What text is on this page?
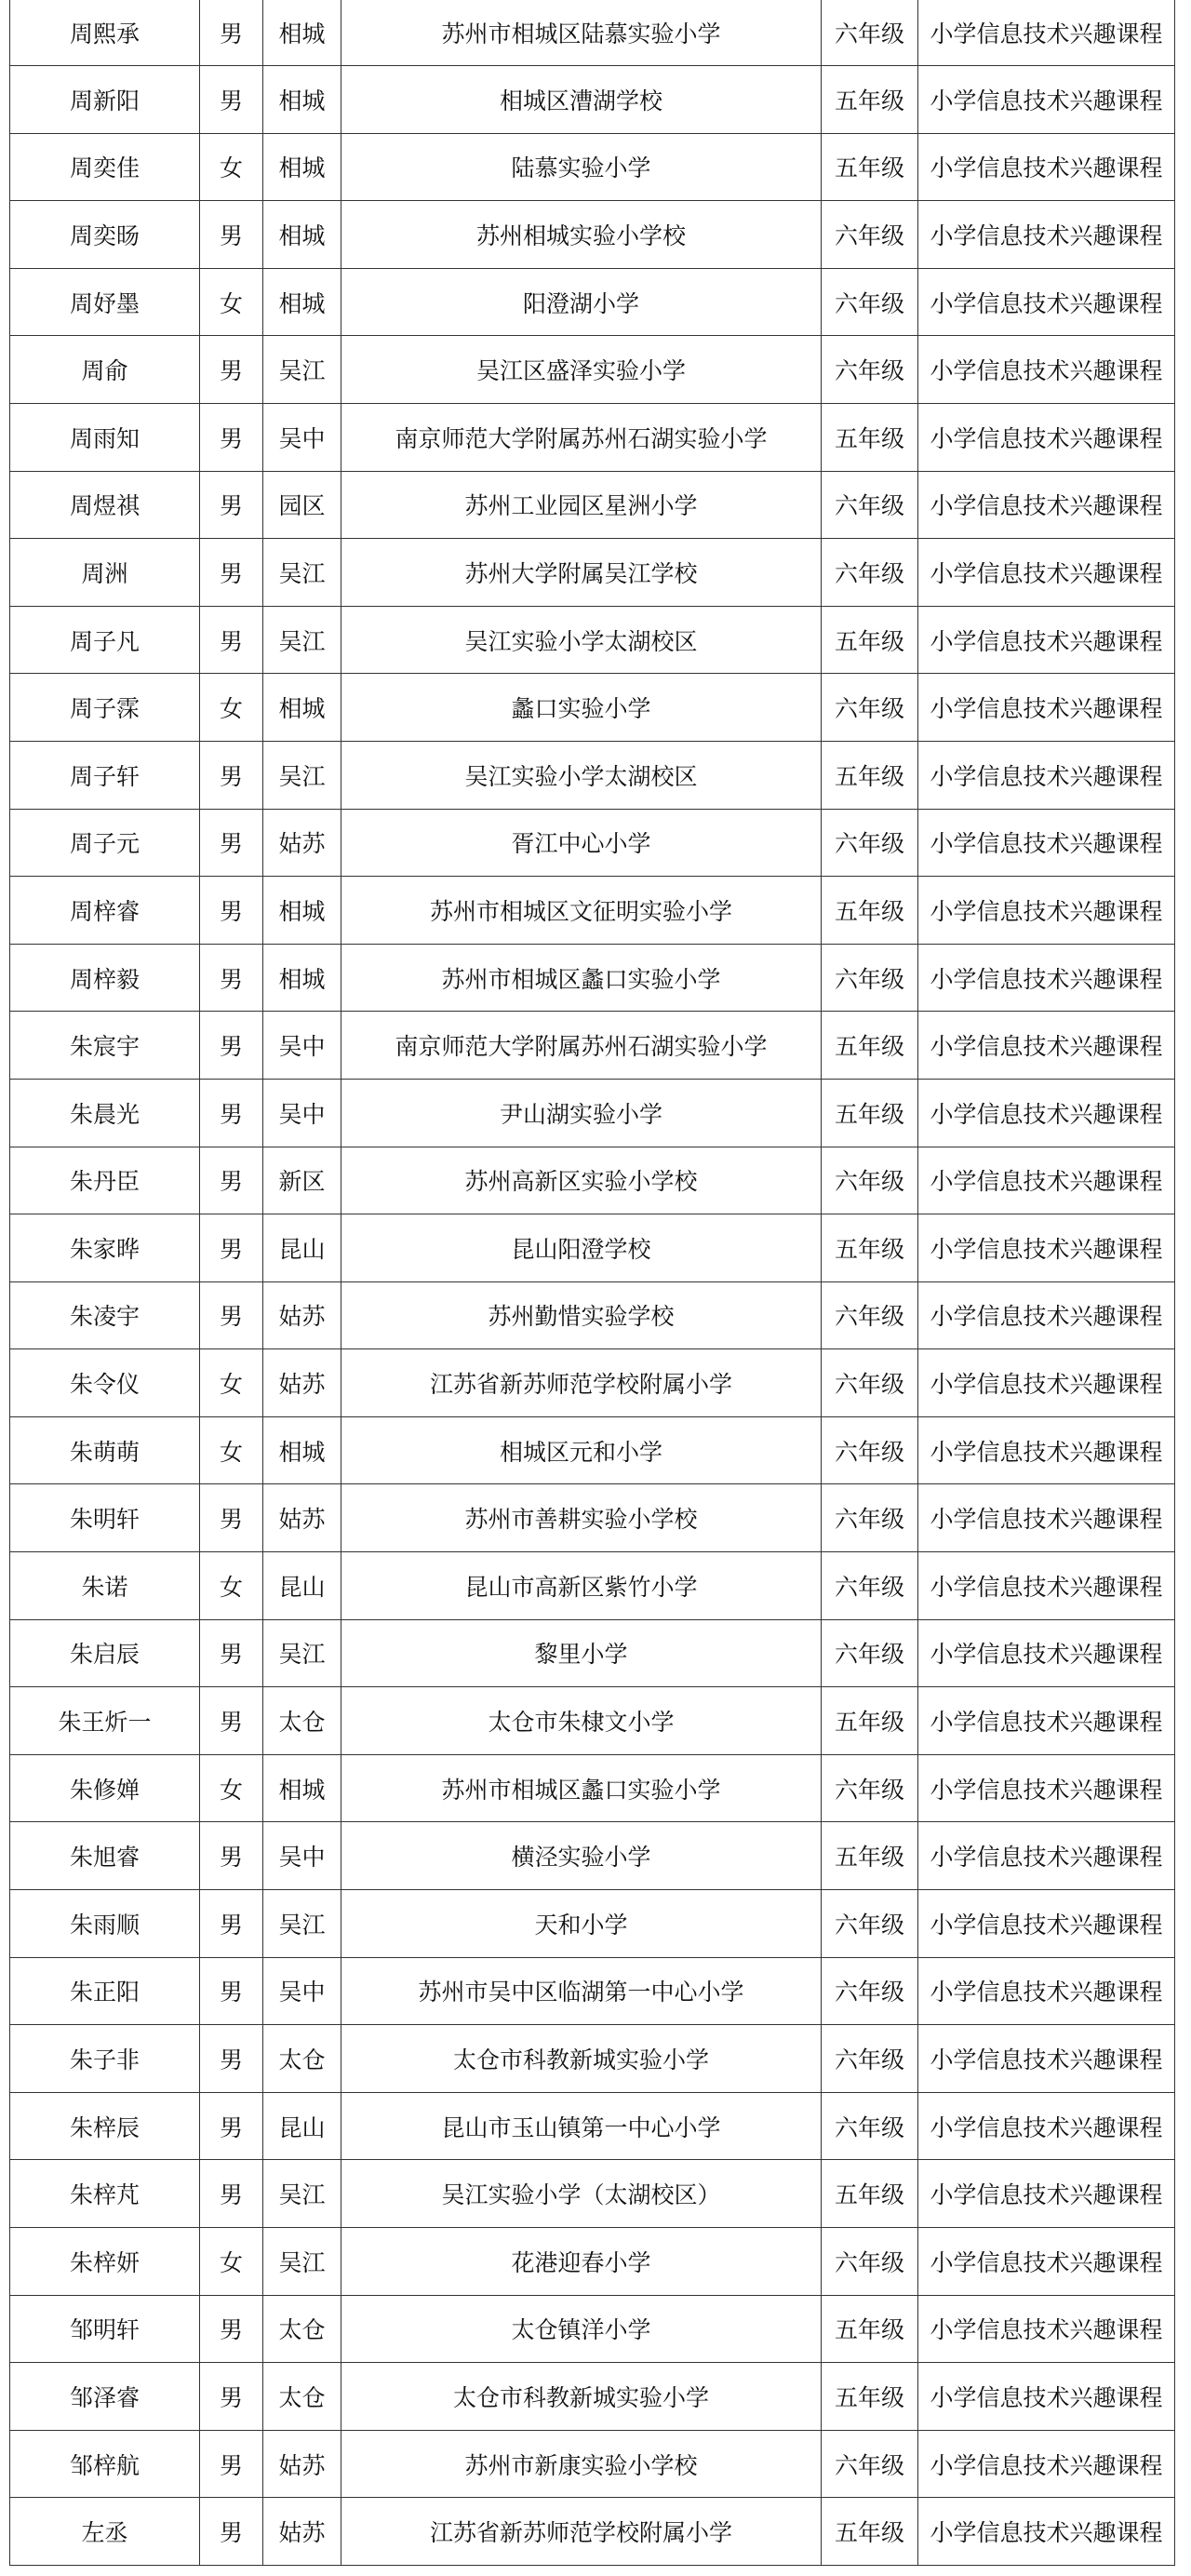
周熙承	男	相城	苏州市相城区陆慕实验小学	六年级	小学信息技术兴趣课程
周新阳	男	相城	相城区漕湖学校	五年级	小学信息技术兴趣课程
周奕佳	女	相城	陆慕实验小学	五年级	小学信息技术兴趣课程
周奕旸	男	相城	苏州相城实验小学校	六年级	小学信息技术兴趣课程
周妤墨	女	相城	阳澄湖小学	六年级	小学信息技术兴趣课程
周俞	男	吴江	吴江区盛泽实验小学	六年级	小学信息技术兴趣课程
周雨知	男	吴中	南京师范大学附属苏州石湖实验小学	五年级	小学信息技术兴趣课程
周煜祺	男	园区	苏州工业园区星洲小学	六年级	小学信息技术兴趣课程
周洲	男	吴江	苏州大学附属吴江学校	六年级	小学信息技术兴趣课程
周子凡	男	吴江	吴江实验小学太湖校区	五年级	小学信息技术兴趣课程
周子霂	女	相城	蠡口实验小学	六年级	小学信息技术兴趣课程
周子轩	男	吴江	吴江实验小学太湖校区	五年级	小学信息技术兴趣课程
周子元	男	姑苏	胥江中心小学	六年级	小学信息技术兴趣课程
周梓睿	男	相城	苏州市相城区文征明实验小学	五年级	小学信息技术兴趣课程
周梓毅	男	相城	苏州市相城区蠡口实验小学	六年级	小学信息技术兴趣课程
朱宸宇	男	吴中	南京师范大学附属苏州石湖实验小学	五年级	小学信息技术兴趣课程
朱晨光	男	吴中	尹山湖实验小学	五年级	小学信息技术兴趣课程
朱丹臣	男	新区	苏州高新区实验小学校	六年级	小学信息技术兴趣课程
朱家晔	男	昆山	昆山阳澄学校	五年级	小学信息技术兴趣课程
朱凌宇	男	姑苏	苏州勤惜实验学校	六年级	小学信息技术兴趣课程
朱令仪	女	姑苏	江苏省新苏师范学校附属小学	六年级	小学信息技术兴趣课程
朱萌萌	女	相城	相城区元和小学	六年级	小学信息技术兴趣课程
朱明轩	男	姑苏	苏州市善耕实验小学校	六年级	小学信息技术兴趣课程
朱诺	女	昆山	昆山市高新区紫竹小学	六年级	小学信息技术兴趣课程
朱启辰	男	吴江	黎里小学	六年级	小学信息技术兴趣课程
朱王炘一	男	太仓	太仓市朱棣文小学	五年级	小学信息技术兴趣课程
朱修婵	女	相城	苏州市相城区蠡口实验小学	六年级	小学信息技术兴趣课程
朱旭睿	男	吴中	横泾实验小学	五年级	小学信息技术兴趣课程
朱雨顺	男	吴江	天和小学	六年级	小学信息技术兴趣课程
朱正阳	男	吴中	苏州市吴中区临湖第一中心小学	六年级	小学信息技术兴趣课程
朱子非	男	太仓	太仓市科教新城实验小学	六年级	小学信息技术兴趣课程
朱梓辰	男	昆山	昆山市玉山镇第一中心小学	六年级	小学信息技术兴趣课程
朱梓芃	男	吴江	吴江实验小学（太湖校区）	五年级	小学信息技术兴趣课程
朱梓妍	女	吴江	花港迎春小学	六年级	小学信息技术兴趣课程
邹明轩	男	太仓	太仓镇洋小学	五年级	小学信息技术兴趣课程
邹泽睿	男	太仓	太仓市科教新城实验小学	五年级	小学信息技术兴趣课程
邹梓航	男	姑苏	苏州市新康实验小学校	六年级	小学信息技术兴趣课程
左丞	男	姑苏	江苏省新苏师范学校附属小学	五年级	小学信息技术兴趣课程
